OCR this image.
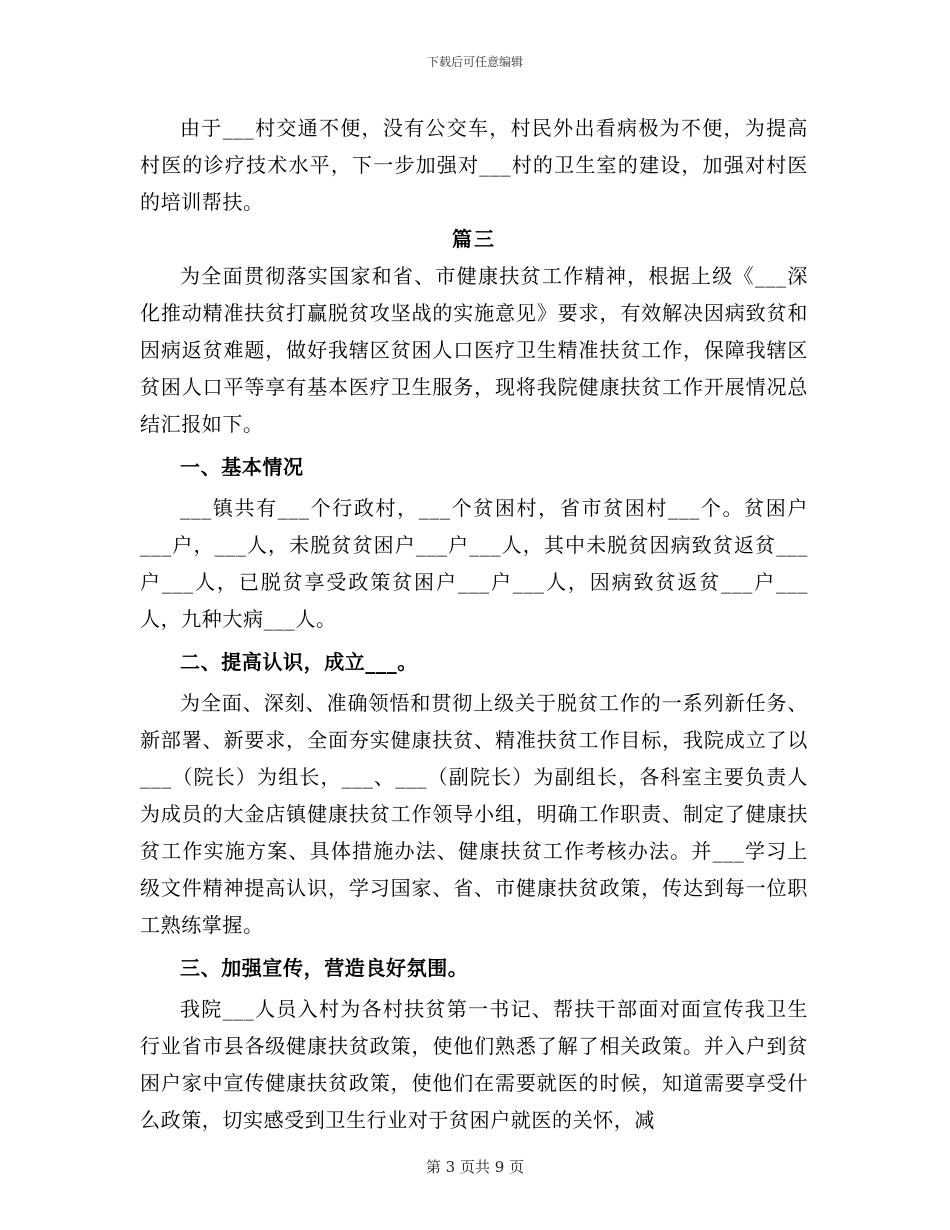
下载后可任意编辑

由于___村交通不便，没有公交车，村民外出看病极为不便，为提高村医的诊疗技术水平，下一步加强对___村的卫生室的建设，加强对村医的培训帮扶。

篇三

为全面贯彻落实国家和省、市健康扶贫工作精神，根据上级《___深化推动精准扶贫打赢脱贫攻坚战的实施意见》要求，有效解决因病致贫和因病返贫难题，做好我辖区贫困人口医疗卫生精准扶贫工作，保障我辖区贫困人口平等享有基本医疗卫生服务，现将我院健康扶贫工作开展情况总结汇报如下。

一、基本情况

___镇共有___个行政村，___个贫困村，省市贫困村___个。贫困户___户，___人，未脱贫贫困户___户___人，其中未脱贫因病致贫返贫___户___人，已脱贫享受政策贫困户___户___人，因病致贫返贫___户___人，九种大病___人。

二、提高认识，成立___。

为全面、深刻、准确领悟和贯彻上级关于脱贫工作的一系列新任务、新部署、新要求，全面夯实健康扶贫、精准扶贫工作目标，我院成立了以___（院长）为组长，___、___（副院长）为副组长，各科室主要负责人为成员的大金店镇健康扶贫工作领导小组，明确工作职责、制定了健康扶贫工作实施方案、具体措施办法、健康扶贫工作考核办法。并___学习上级文件精神提高认识，学习国家、省、市健康扶贫政策，传达到每一位职工熟练掌握。

三、加强宣传，营造良好氛围。

我院___人员入村为各村扶贫第一书记、帮扶干部面对面宣传我卫生行业省市县各级健康扶贫政策，使他们熟悉了解了相关政策。并入户到贫困户家中宣传健康扶贫政策，使他们在需要就医的时候，知道需要享受什么政策，切实感受到卫生行业对于贫困户就医的关怀，减

第 3 页共 9 页
